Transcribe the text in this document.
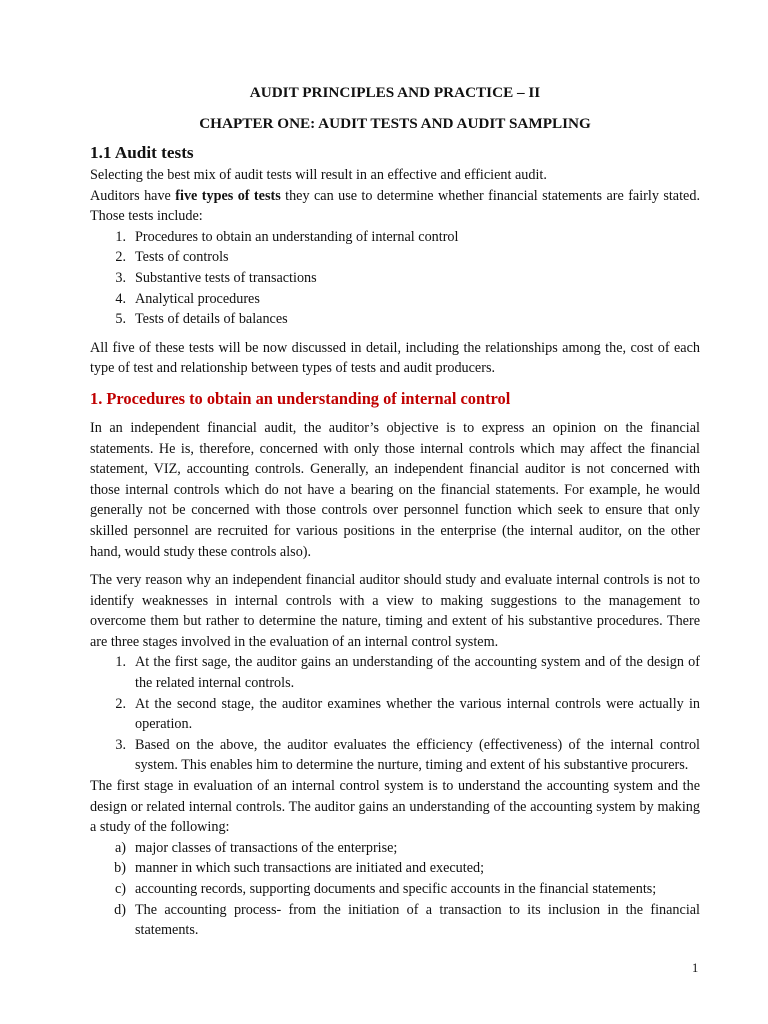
AUDIT PRINCIPLES AND PRACTICE – II

CHAPTER ONE: AUDIT TESTS AND AUDIT SAMPLING

1.1 Audit tests

Selecting the best mix of audit tests will result in an effective and efficient audit.

Auditors have five types of tests they can use to determine whether financial statements are fairly stated. Those tests include:

1. Procedures to obtain an understanding of internal control
2. Tests of controls
3. Substantive tests of transactions
4. Analytical procedures
5. Tests of details of balances

All five of these tests will be now discussed in detail, including the relationships among the, cost of each type of test and relationship between types of tests and audit producers.

1. Procedures to obtain an understanding of internal control

In an independent financial audit, the auditor’s objective is to express an opinion on the financial statements. He is, therefore, concerned with only those internal controls which may affect the financial statement, VIZ, accounting controls. Generally, an independent financial auditor is not concerned with those internal controls which do not have a bearing on the financial statements. For example, he would generally not be concerned with those controls over personnel function which seek to ensure that only skilled personnel are recruited for various positions in the enterprise (the internal auditor, on the other hand, would study these controls also).

The very reason why an independent financial auditor should study and evaluate internal controls is not to identify weaknesses in internal controls with a view to making suggestions to the management to overcome them but rather to determine the nature, timing and extent of his substantive procedures. There are three stages involved in the evaluation of an internal control system.

1. At the first sage, the auditor gains an understanding of the accounting system and of the design of the related internal controls.
2. At the second stage, the auditor examines whether the various internal controls were actually in operation.
3. Based on the above, the auditor evaluates the efficiency (effectiveness) of the internal control system. This enables him to determine the nurture, timing and extent of his substantive procurers.

The first stage in evaluation of an internal control system is to understand the accounting system and the design or related internal controls. The auditor gains an understanding of the accounting system by making a study of the following:

a) major classes of transactions of the enterprise;
b) manner in which such transactions are initiated and executed;
c) accounting records, supporting documents and specific accounts in the financial statements;
d) The accounting process- from the initiation of a transaction to its inclusion in the financial statements.
1
